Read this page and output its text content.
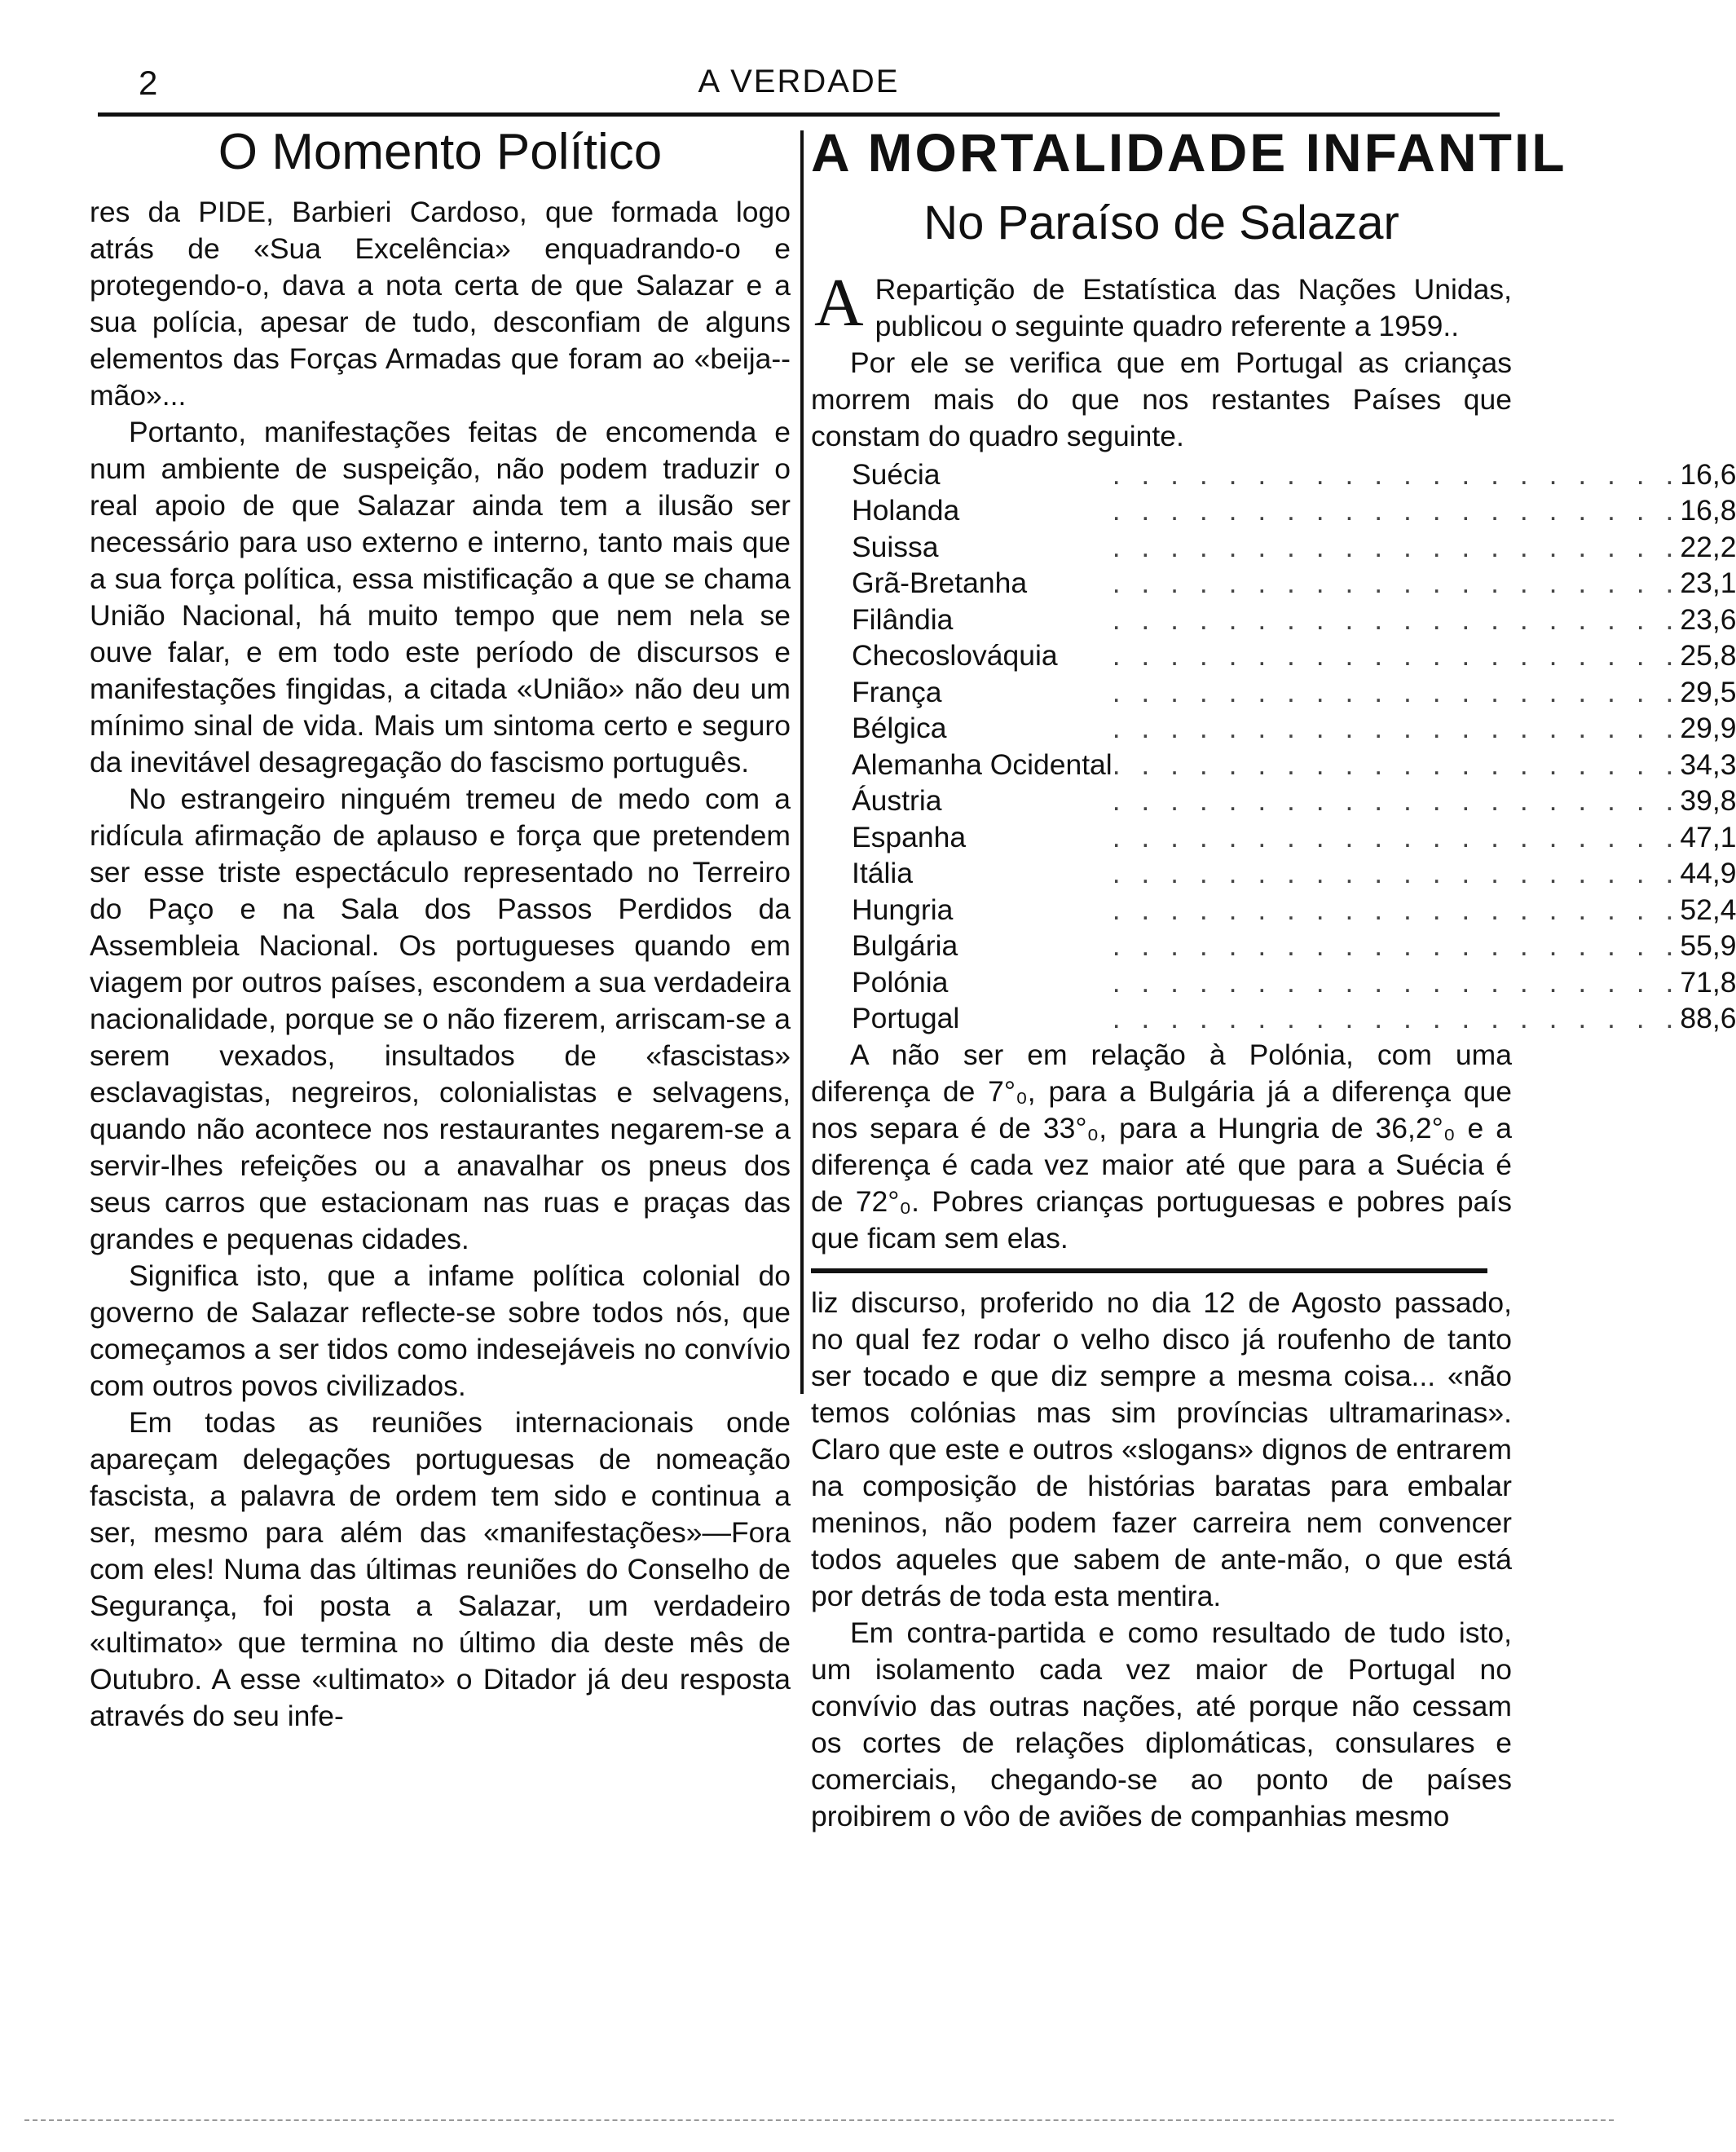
2	A VERDADE
O Momento Político

res da PIDE, Barbieri Cardoso, que formada logo atrás de «Sua Excelência» enquadrando-o e protegendo-o, dava a nota certa de que Salazar e a sua polícia, apesar de tudo, desconfiam de alguns elementos das Forças Armadas que foram ao «beija--mão»...

Portanto, manifestações feitas de encomenda e num ambiente de suspeição, não podem traduzir o real apoio de que Salazar ainda tem a ilusão ser necessário para uso externo e interno, tanto mais que a sua força política, essa mistificação a que se chama União Nacional, há muito tempo que nem nela se ouve falar, e em todo este período de discursos e manifestações fingidas, a citada «União» não deu um mínimo sinal de vida. Mais um sintoma certo e seguro da inevitável desagregação do fascismo português.

No estrangeiro ninguém tremeu de medo com a ridícula afirmação de aplauso e força que pretendem ser esse triste espectáculo representado no Terreiro do Paço e na Sala dos Passos Perdidos da Assembleia Nacional. Os portugueses quando em viagem por outros países, escondem a sua verdadeira nacionalidade, porque se o não fizerem, arriscam-se a serem vexados, insultados de «fascistas» esclavagistas, negreiros, colonialistas e selvagens, quando não acontece nos restaurantes negarem-se a servir-lhes refeições ou a anavalhar os pneus dos seus carros que estacionam nas ruas e praças das grandes e pequenas cidades.

Significa isto, que a infame política colonial do governo de Salazar reflecte-se sobre todos nós, que começamos a ser tidos como indesejáveis no convívio com outros povos civilizados.

Em todas as reuniões internacionais onde apareçam delegações portuguesas de nomeação fascista, a palavra de ordem tem sido e continua a ser, mesmo para além das «manifestações»—Fora com eles! Numa das últimas reuniões do Conselho de Segurança, foi posta a Salazar, um verdadeiro «ultimato» que termina no último dia deste mês de Outubro. A esse «ultimato» o Ditador já deu resposta através do seu infe-

A MORTALIDADE INFANTIL
No Paraíso de Salazar
A Repartição de Estatística das Nações Unidas, publicou o seguinte quadro referente a 1959..

Por ele se verifica que em Portugal as crianças morrem mais do que nos restantes Países que constam do quadro seguinte.

Suécia	. . . . . . . . . . . . . . . . . . . .	16,6
Holanda	. . . . . . . . . . . . . . . . . . . .	16,8
Suissa	. . . . . . . . . . . . . . . . . . . .	22,2
Grã-Bretanha	. . . . . . . . . . . . . . . . . . . .	23,1
Filândia	. . . . . . . . . . . . . . . . . . . .	23,6
Checoslováquia	. . . . . . . . . . . . . . . . . . . .	25,8
França	. . . . . . . . . . . . . . . . . . . .	29,5
Bélgica	. . . . . . . . . . . . . . . . . . . .	29,9
Alemanha Ocidental	. . . . . . . . . . . . . . . . . . . .	34,3
Áustria	. . . . . . . . . . . . . . . . . . . .	39,8
Espanha	. . . . . . . . . . . . . . . . . . . .	47,1
Itália	. . . . . . . . . . . . . . . . . . . .	44,9
Hungria	. . . . . . . . . . . . . . . . . . . .	52,4
Bulgária	. . . . . . . . . . . . . . . . . . . .	55,9
Polónia	. . . . . . . . . . . . . . . . . . . .	71,8
Portugal	. . . . . . . . . . . . . . . . . . . .	88,6

A não ser em relação à Polónia, com uma diferença de 7°₀, para a Bulgária já a diferença que nos separa é de 33°₀, para a Hungria de 36,2°₀ e a diferença é cada vez maior até que para a Suécia é de 72°₀. Pobres crianças portuguesas e pobres país que ficam sem elas.

liz discurso, proferido no dia 12 de Agosto passado, no qual fez rodar o velho disco já roufenho de tanto ser tocado e que diz sempre a mesma coisa... «não temos colónias mas sim províncias ultramarinas». Claro que este e outros «slogans» dignos de entrarem na composição de histórias baratas para embalar meninos, não podem fazer carreira nem convencer todos aqueles que sabem de ante-mão, o que está por detrás de toda esta mentira.

Em contra-partida e como resultado de tudo isto, um isolamento cada vez maior de Portugal no convívio das outras nações, até porque não cessam os cortes de relações diplomáticas, consulares e comerciais, chegando-se ao ponto de países proibirem o vôo de aviões de companhias mesmo
